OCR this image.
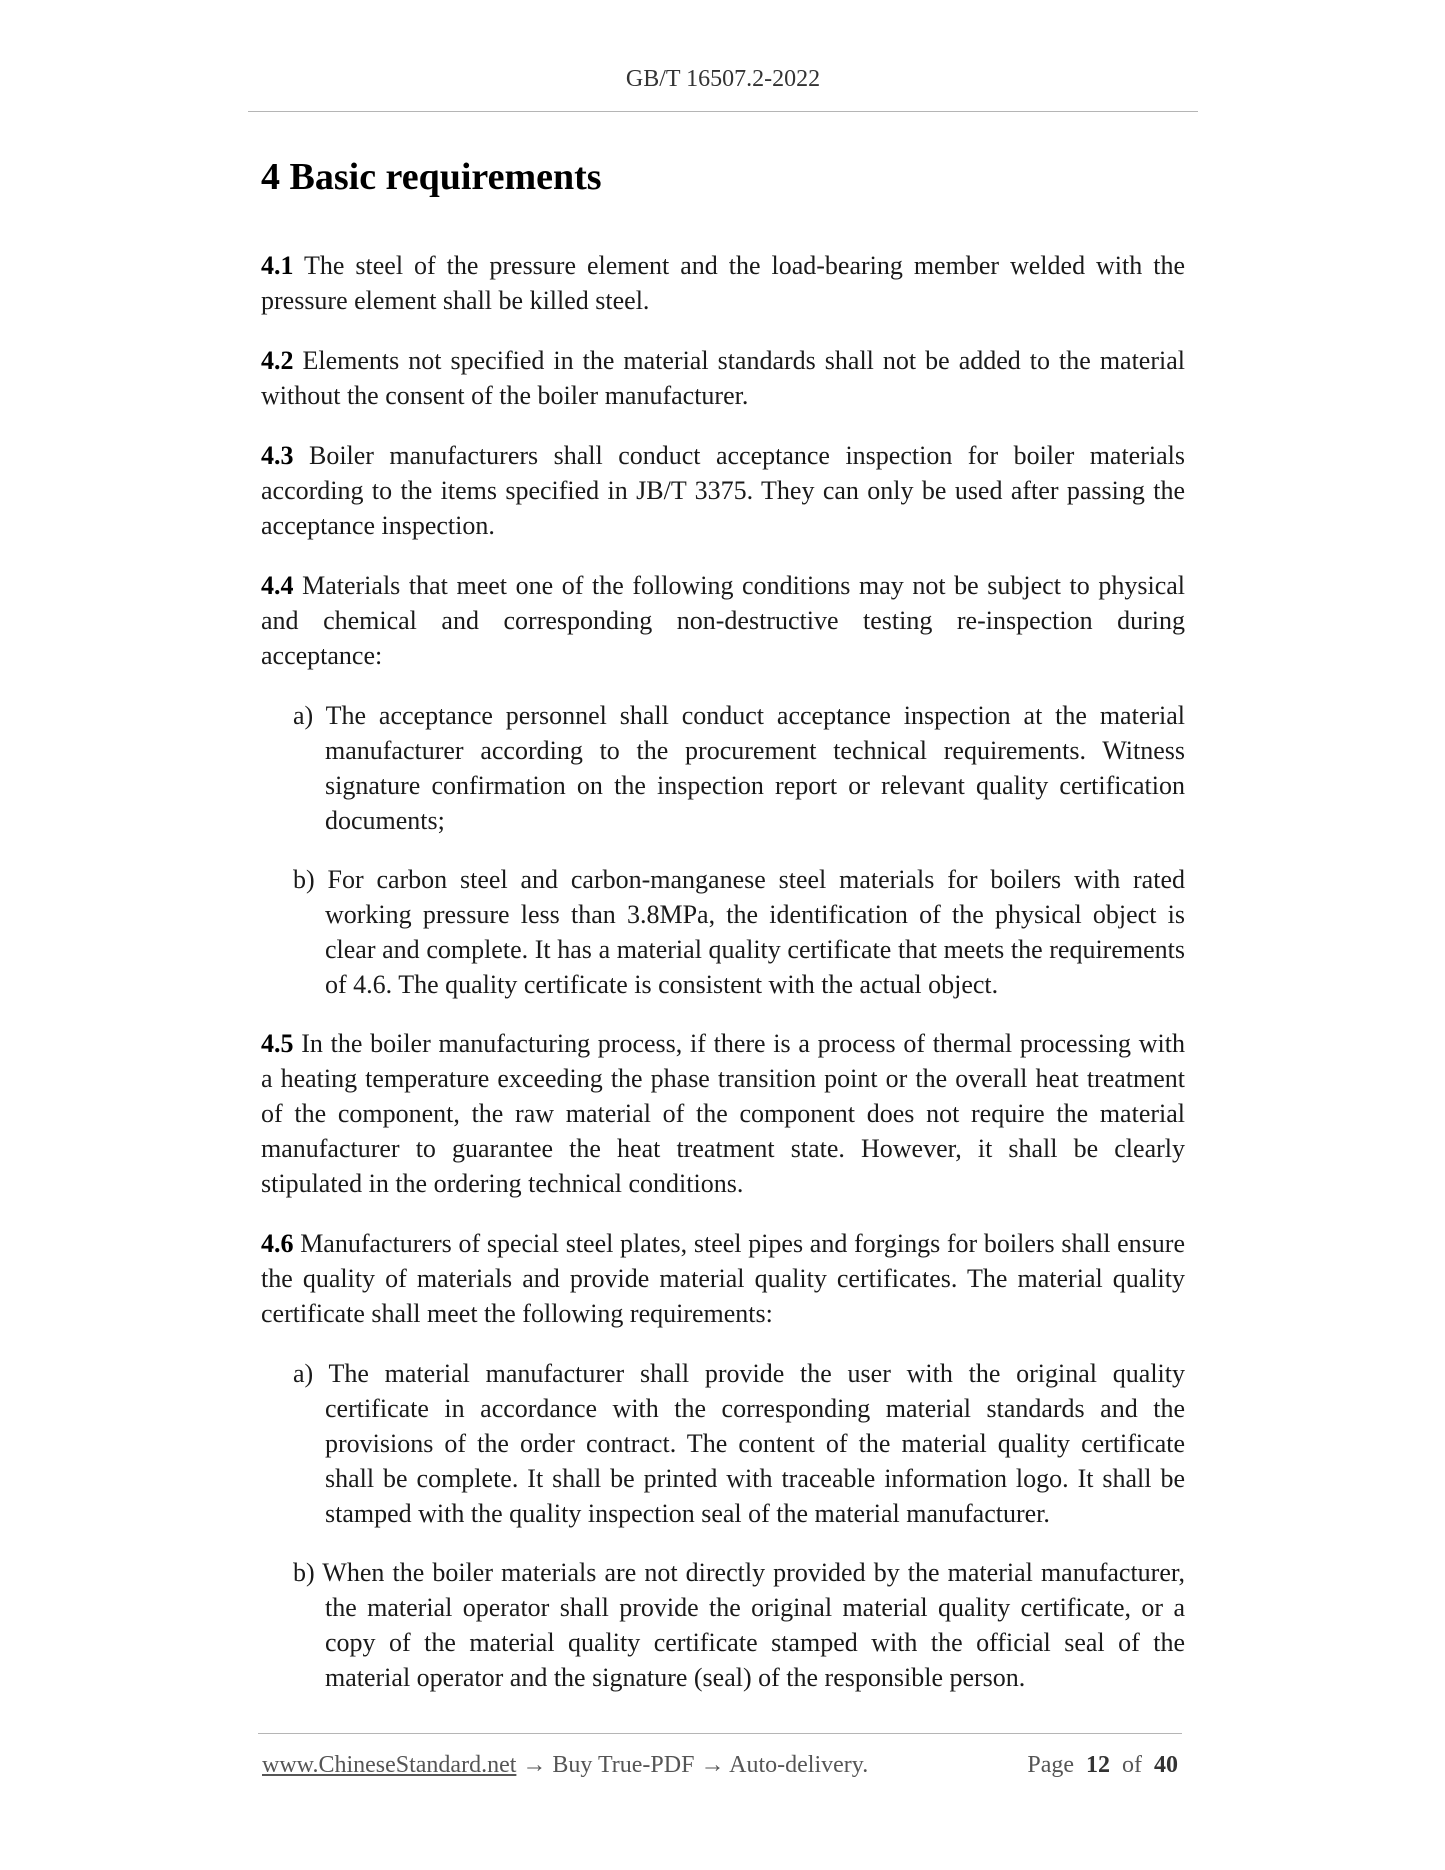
GB/T 16507.2-2022
4 Basic requirements

4.1 The steel of the pressure element and the load-bearing member welded with the pressure element shall be killed steel.

4.2 Elements not specified in the material standards shall not be added to the material without the consent of the boiler manufacturer.

4.3 Boiler manufacturers shall conduct acceptance inspection for boiler materials according to the items specified in JB/T 3375. They can only be used after passing the acceptance inspection.

4.4 Materials that meet one of the following conditions may not be subject to physical and chemical and corresponding non-destructive testing re-inspection during acceptance:

a) The acceptance personnel shall conduct acceptance inspection at the material manufacturer according to the procurement technical requirements. Witness signature confirmation on the inspection report or relevant quality certification documents;

b) For carbon steel and carbon-manganese steel materials for boilers with rated working pressure less than 3.8MPa, the identification of the physical object is clear and complete. It has a material quality certificate that meets the requirements of 4.6. The quality certificate is consistent with the actual object.

4.5 In the boiler manufacturing process, if there is a process of thermal processing with a heating temperature exceeding the phase transition point or the overall heat treatment of the component, the raw material of the component does not require the material manufacturer to guarantee the heat treatment state. However, it shall be clearly stipulated in the ordering technical conditions.

4.6 Manufacturers of special steel plates, steel pipes and forgings for boilers shall ensure the quality of materials and provide material quality certificates. The material quality certificate shall meet the following requirements:

a) The material manufacturer shall provide the user with the original quality certificate in accordance with the corresponding material standards and the provisions of the order contract. The content of the material quality certificate shall be complete. It shall be printed with traceable information logo. It shall be stamped with the quality inspection seal of the material manufacturer.

b) When the boiler materials are not directly provided by the material manufacturer, the material operator shall provide the original material quality certificate, or a copy of the material quality certificate stamped with the official seal of the material operator and the signature (seal) of the responsible person.

www.ChineseStandard.net → Buy True-PDF → Auto-delivery.	Page 12 of 40
